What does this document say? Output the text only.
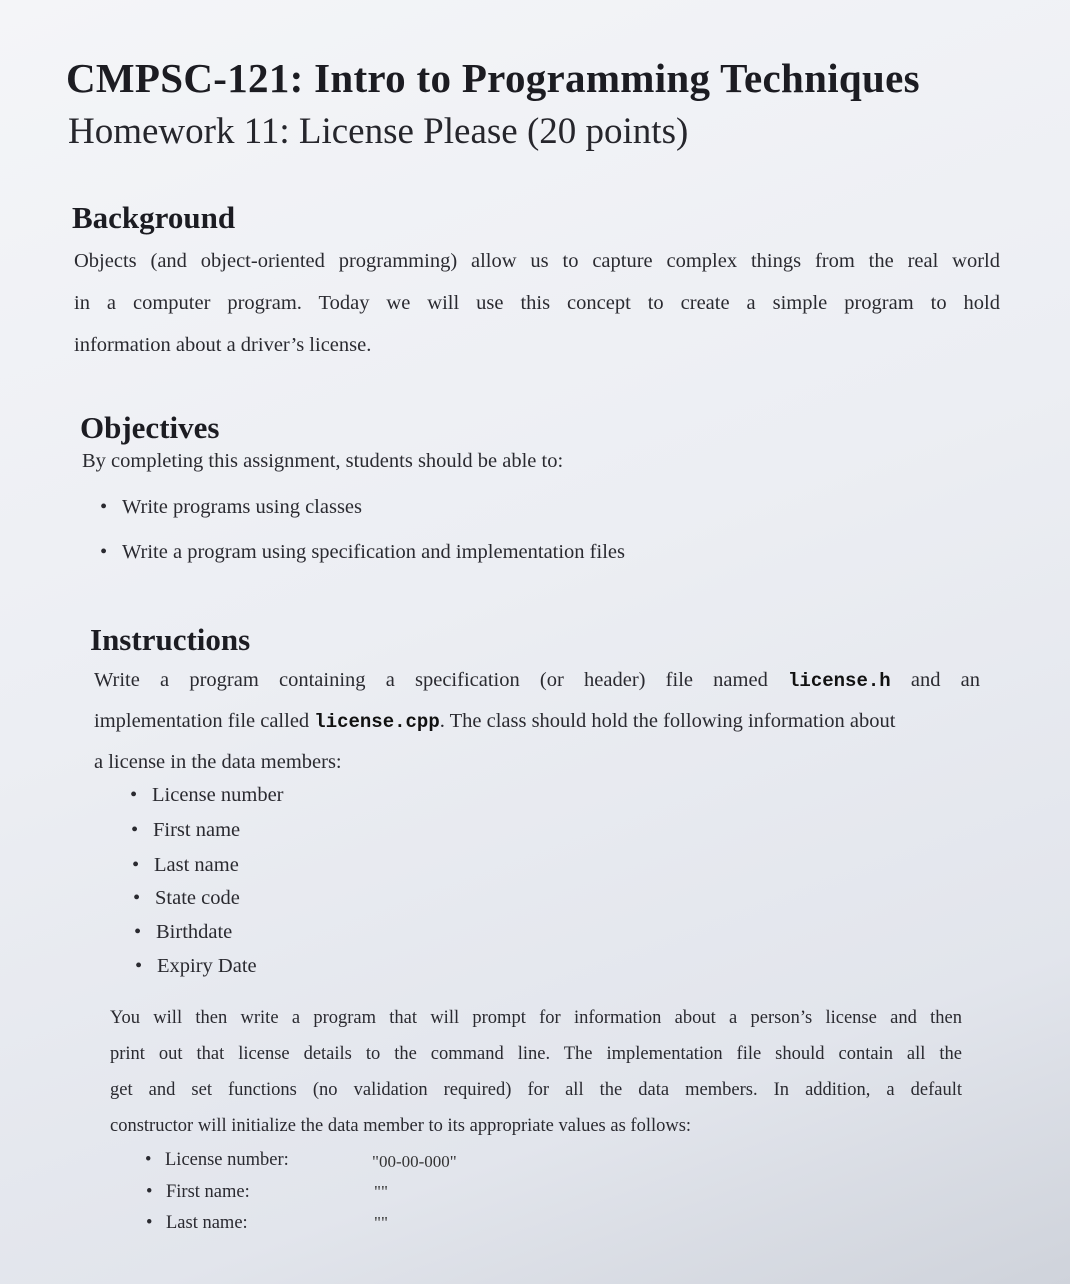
CMPSC-121: Intro to Programming Techniques
Homework 11: License Please (20 points)
Background
Objects (and object-oriented programming) allow us to capture complex things from the real world
in a computer program. Today we will use this concept to create a simple program to hold
information about a driver’s license.
Objectives
By completing this assignment, students should be able to:
• Write programs using classes
• Write a program using specification and implementation files
Instructions
Write a program containing a specification (or header) file named license.h and an
implementation file called license.cpp. The class should hold the following information about
a license in the data members:
• License number
• First name
• Last name
• State code
• Birthdate
• Expiry Date
You will then write a program that will prompt for information about a person’s license and then
print out that license details to the command line. The implementation file should contain all the
get and set functions (no validation required) for all the data members. In addition, a default
constructor will initialize the data member to its appropriate values as follows:
• License number:	"00-00-000"
• First name:	""
• Last name:	""
